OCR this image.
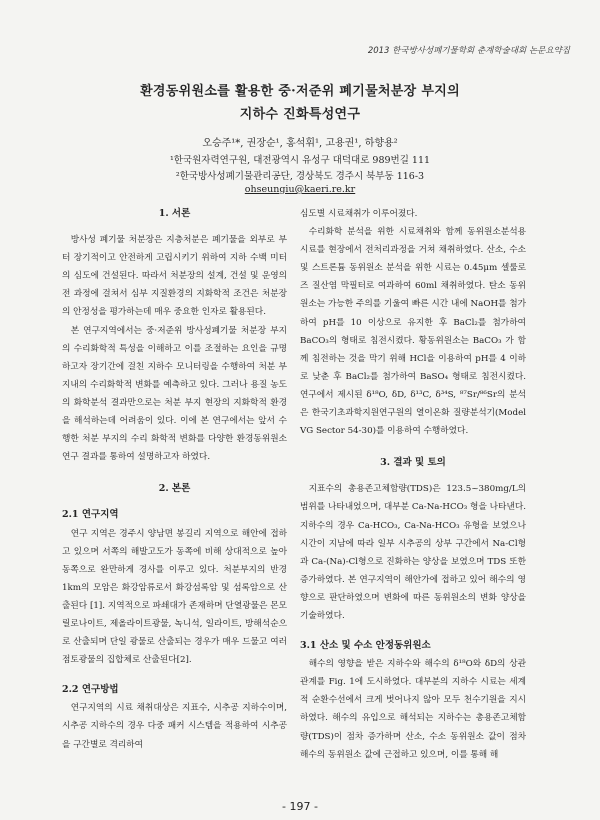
2013 한국방사성폐기물학회 춘계학술대회 논문요약집
환경동위원소를 활용한 중·저준위 폐기물처분장 부지의
지하수 진화특성연구
오승주¹*, 권장순¹, 홍석휘¹, 고용권¹, 하향용²
¹한국원자력연구원, 대전광역시 유성구 대덕대로 989번길 111
²한국방사성폐기물관리공단, 경상북도 경주시 북부동 116-3
ohseungiu@kaeri.re.kr
1. 서론

방사성 폐기물 처분장은 지층처분은 폐기물을 외부로 부터 장기적이고 안전하게 고립시키기 위하여 지하 수백 미터의 심도에 건설된다. 따라서 처분장의 설계, 건설 및 운영의 전 과정에 걸쳐서 심부 지질환경의 지화학적 조건은 처분장의 안정성을 평가하는데 매우 중요한 인자로 활용된다.

본 연구지역에서는 중·저준위 방사성폐기물 처분장 부지의 수리화학적 특성을 이해하고 이를 조절하는 요인을 규명하고자 장기간에 걸친 지하수 모니터링을 수행하여 처분 부지내의 수리화학적 변화를 예측하고 있다. 그러나 용질 농도의 화학분석 결과만으로는 처분 부지 현장의 지화학적 환경을 해석하는데 어려움이 있다. 이에 본 연구에서는 앞서 수행한 처분 부지의 수리 화학적 변화를 다양한 환경동위원소연구 결과를 통하여 설명하고자 하였다.

2. 본론
2.1 연구지역

연구 지역은 경주시 양남면 봉길리 지역으로 해안에 접하고 있으며 서쪽의 해발고도가 동쪽에 비해 상대적으로 높아 동쪽으로 완만하게 경사를 이루고 있다. 처분부지의 반경 1km의 모암은 화강암류로서 화강섬록암 및 섬록암으로 산출된다 [1]. 지역적으로 파쇄대가 존재하며 단열광물은 몬모릴로나이트, 제올라이트광물, 녹니석, 일라이트, 방해석순으로 산출되며 단일 광물로 산출되는 경우가 매우 드물고 여러 점토광물의 집합체로 산출된다[2].

2.2 연구방법

연구지역의 시료 채취대상은 지표수, 시추공 지하수이며, 시추공 지하수의 경우 다중 패커 시스템을 적용하여 시추공을 구간별로 격리하여

심도별 시료채취가 이루어졌다.

수리화학 분석을 위한 시료채취와 함께 동위원소분석용 시료를 현장에서 전처리과정을 거쳐 채취하였다. 산소, 수소 및 스트론튬 동위원소 분석을 위한 시료는 0.45μm 셀룰로즈 질산염 막필터로 여과하여 60ml 채취하였다. 탄소 동위원소는 가능한 주의를 기울여 빠른 시간 내에 NaOH를 첨가하여 pH를 10 이상으로 유지한 후 BaCl₂를 첨가하여 BaCO₃의 형태로 침전시켰다. 황동위원소는 BaCO₃ 가 함께 침전하는 것을 막기 위해 HCl을 이용하여 pH를 4 이하로 낮춘 후 BaCl₂를 첨가하여 BaSO₄ 형태로 침전시켰다. 연구에서 제시된 δ¹⁸O, δD, δ¹³C, δ³⁴S, ⁸⁷Sr/⁸⁶Sr의 분석은 한국기초과학지원연구원의 열이온화 질량분석기(Model VG Sector 54-30)를 이용하여 수행하였다.

3. 결과 및 토의

지표수의 총용존고체함량(TDS)은 123.5~380mg/L의 범위를 나타내었으며, 대부분 Ca-Na-HCO₃ 형을 나타낸다. 지하수의 경우 Ca-HCO₃, Ca-Na-HCO₃ 유형을 보였으나 시간이 지남에 따라 일부 시추공의 상부 구간에서 Na-Cl형과 Ca-(Na)-Cl형으로 진화하는 양상을 보였으며 TDS 또한 증가하였다. 본 연구지역이 해안가에 접하고 있어 해수의 영향으로 판단하였으며 변화에 따른 동위원소의 변화 양상을 기술하였다.

3.1 산소 및 수소 안정동위원소

해수의 영향을 받은 지하수와 해수의 δ¹⁸O와 δD의 상관관계를 Fig. 1에 도시하였다. 대부분의 지하수 시료는 세계적 순환수선에서 크게 벗어나지 않아 모두 천수기원을 지시하였다. 해수의 유입으로 해석되는 지하수는 총용존고체함량(TDS)이 점차 증가하며 산소, 수소 동위원소 값이 점차 해수의 동위원소 값에 근접하고 있으며, 이를 통해 해

- 197 -
